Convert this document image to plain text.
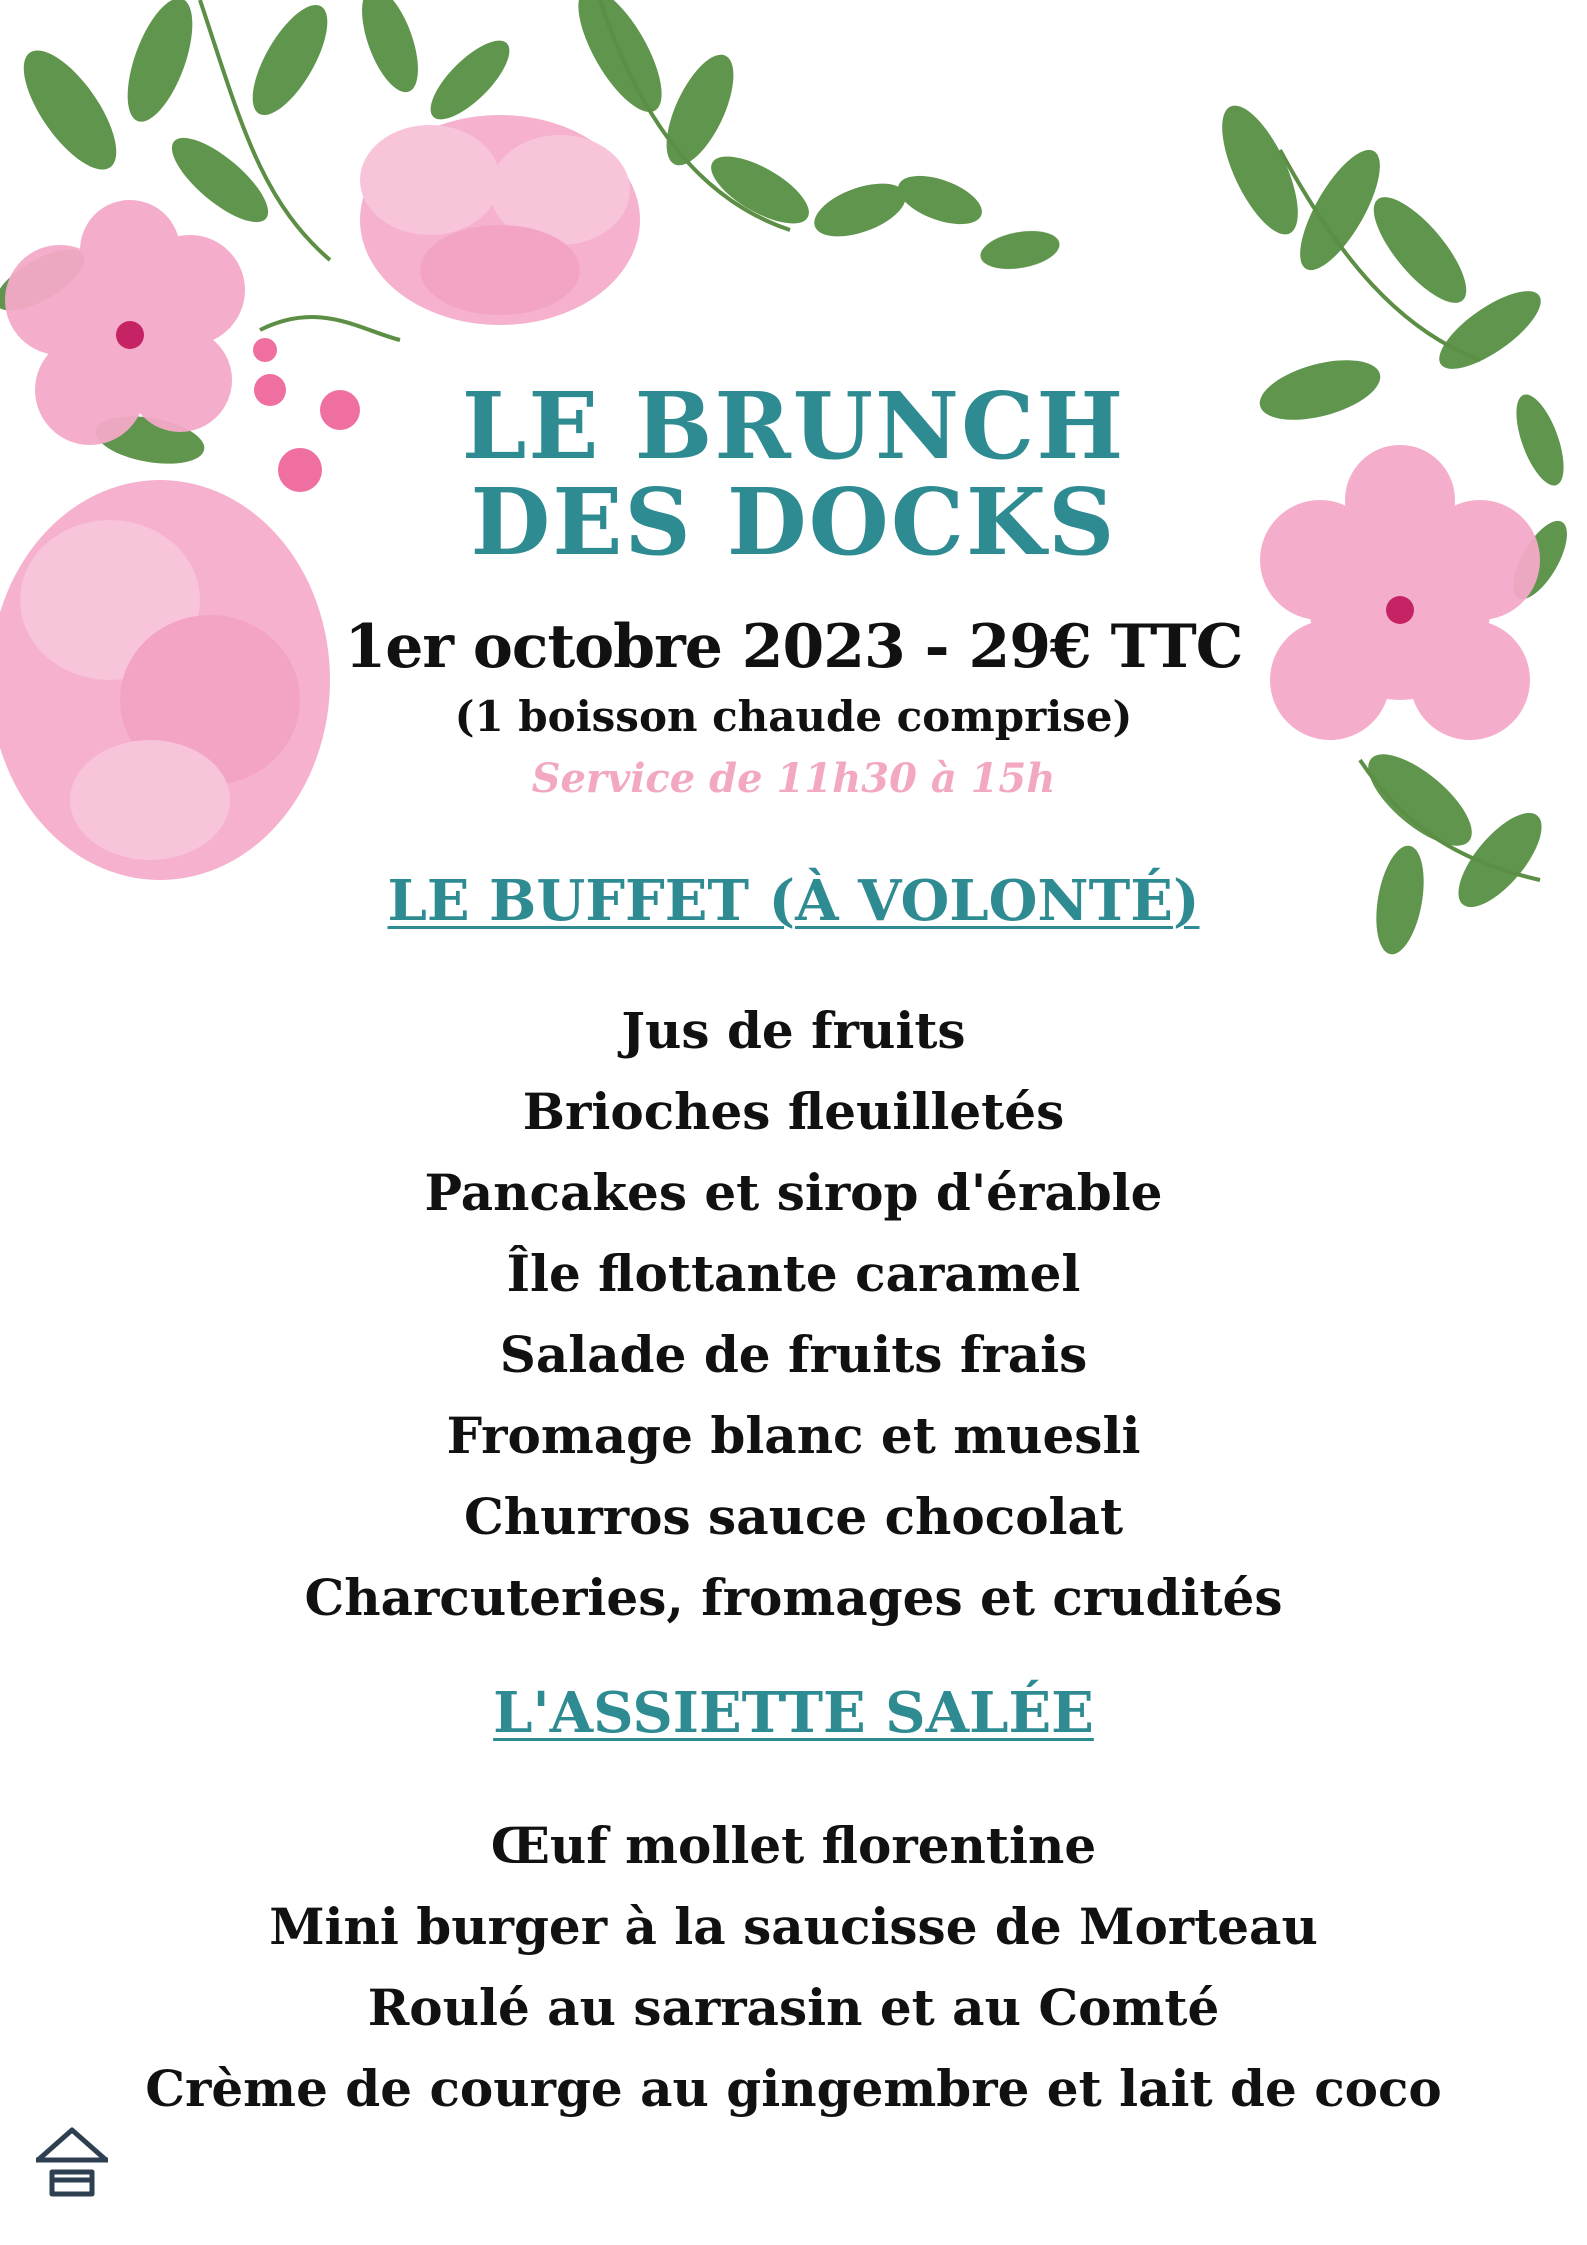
LE BRUNCH
DES DOCKS
1er octobre 2023 - 29€ TTC
(1 boisson chaude comprise)
Service de 11h30 à 15h
LE BUFFET (À VOLONTÉ)
Jus de fruits
Brioches fleuilletés
Pancakes et sirop d'érable
Île flottante caramel
Salade de fruits frais
Fromage blanc et muesli
Churros sauce chocolat
Charcuteries, fromages et crudités
L'ASSIETTE SALÉE
Œuf mollet florentine
Mini burger à la saucisse de Morteau
Roulé au sarrasin et au Comté
Crème de courge au gingembre et lait de coco
